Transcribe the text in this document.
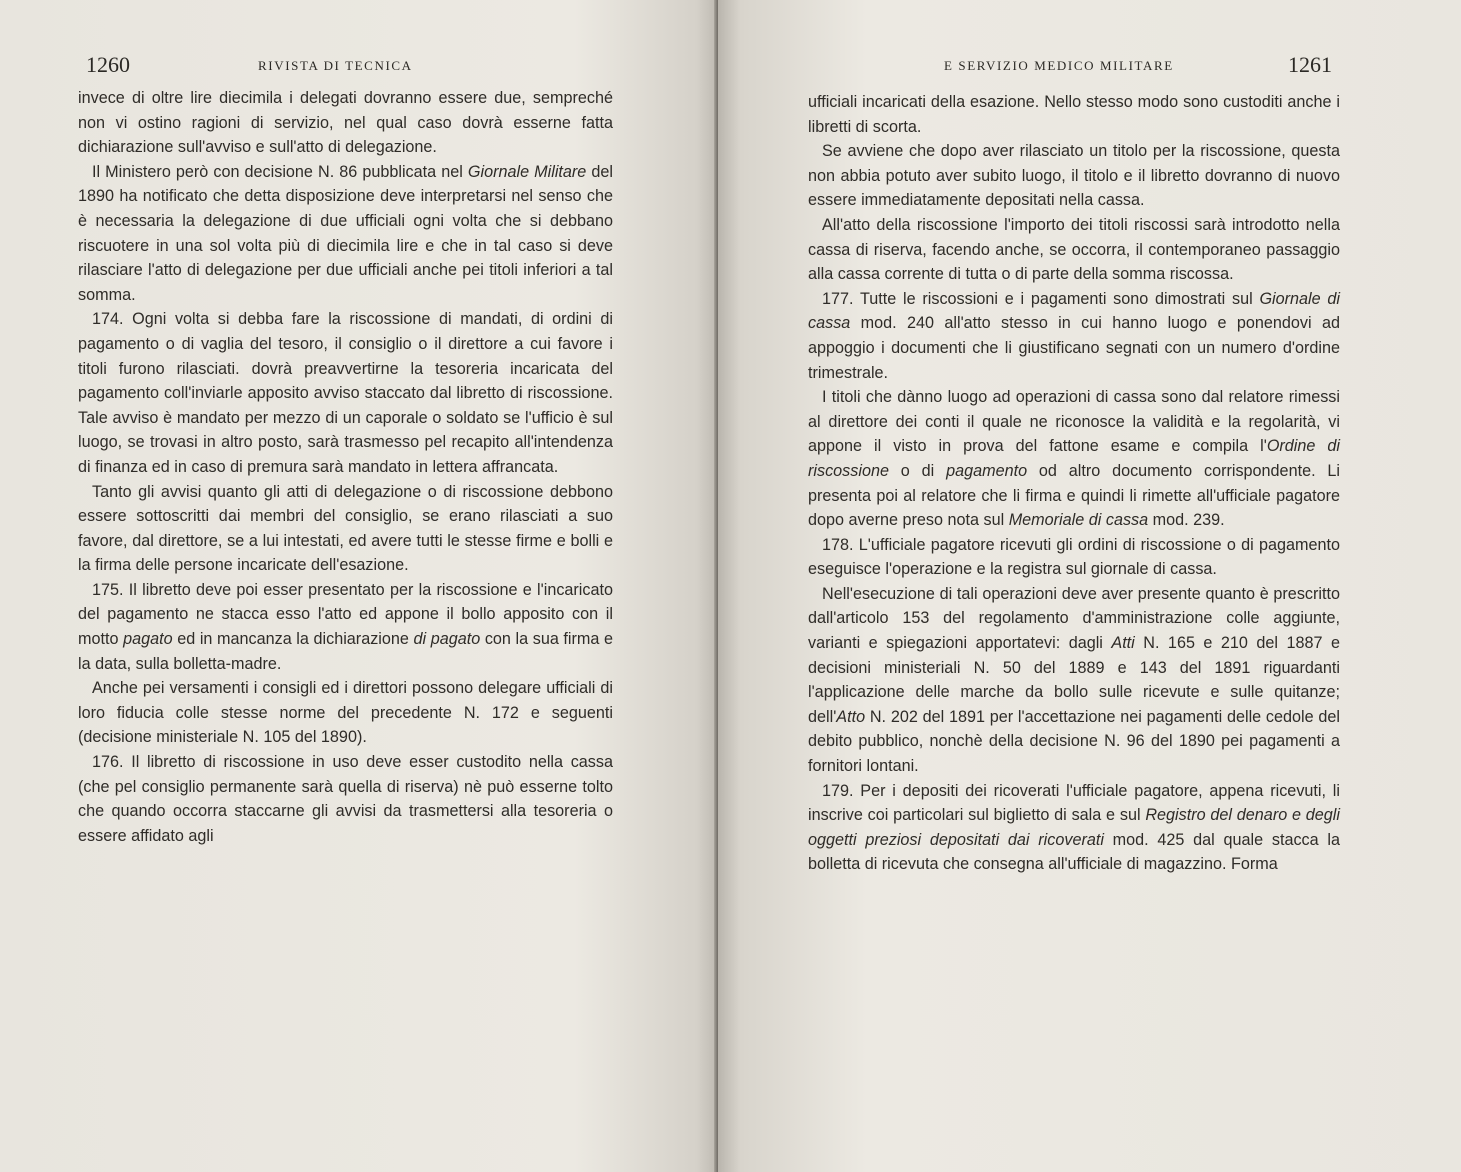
1260	RIVISTA DI TECNICA

invece di oltre lire diecimila i delegati dovranno essere due, sempreché non vi ostino ragioni di servizio, nel qual caso dovrà esserne fatta dichiarazione sull'avviso e sull'atto di delegazione.

Il Ministero però con decisione N. 86 pubblicata nel Giornale Militare del 1890 ha notificato che detta disposizione deve interpretarsi nel senso che è necessaria la delegazione di due ufficiali ogni volta che si debbano riscuotere in una sol volta più di diecimila lire e che in tal caso si deve rilasciare l'atto di delegazione per due ufficiali anche pei titoli inferiori a tal somma.

174. Ogni volta si debba fare la riscossione di mandati, di ordini di pagamento o di vaglia del tesoro, il consiglio o il direttore a cui favore i titoli furono rilasciati. dovrà preavvertirne la tesoreria incaricata del pagamento coll'inviarle apposito avviso staccato dal libretto di riscossione. Tale avviso è mandato per mezzo di un caporale o soldato se l'ufficio è sul luogo, se trovasi in altro posto, sarà trasmesso pel recapito all'intendenza di finanza ed in caso di premura sarà mandato in lettera affrancata.

Tanto gli avvisi quanto gli atti di delegazione o di riscossione debbono essere sottoscritti dai membri del consiglio, se erano rilasciati a suo favore, dal direttore, se a lui intestati, ed avere tutti le stesse firme e bolli e la firma delle persone incaricate dell'esazione.

175. Il libretto deve poi esser presentato per la riscossione e l'incaricato del pagamento ne stacca esso l'atto ed appone il bollo apposito con il motto pagato ed in mancanza la dichiarazione di pagato con la sua firma e la data, sulla bolletta-madre.

Anche pei versamenti i consigli ed i direttori possono delegare ufficiali di loro fiducia colle stesse norme del precedente N. 172 e seguenti (decisione ministeriale N. 105 del 1890).

176. Il libretto di riscossione in uso deve esser custodito nella cassa (che pel consiglio permanente sarà quella di riserva) nè può esserne tolto che quando occorra staccarne gli avvisi da trasmettersi alla tesoreria o essere affidato agli

E SERVIZIO MEDICO MILITARE	1261

ufficiali incaricati della esazione. Nello stesso modo sono custoditi anche i libretti di scorta.

Se avviene che dopo aver rilasciato un titolo per la riscossione, questa non abbia potuto aver subito luogo, il titolo e il libretto dovranno di nuovo essere immediatamente depositati nella cassa.

All'atto della riscossione l'importo dei titoli riscossi sarà introdotto nella cassa di riserva, facendo anche, se occorra, il contemporaneo passaggio alla cassa corrente di tutta o di parte della somma riscossa.

177. Tutte le riscossioni e i pagamenti sono dimostrati sul Giornale di cassa mod. 240 all'atto stesso in cui hanno luogo e ponendovi ad appoggio i documenti che li giustificano segnati con un numero d'ordine trimestrale.

I titoli che dànno luogo ad operazioni di cassa sono dal relatore rimessi al direttore dei conti il quale ne riconosce la validità e la regolarità, vi appone il visto in prova del fattone esame e compila l'Ordine di riscossione o di pagamento od altro documento corrispondente. Li presenta poi al relatore che li firma e quindi li rimette all'ufficiale pagatore dopo averne preso nota sul Memoriale di cassa mod. 239.

178. L'ufficiale pagatore ricevuti gli ordini di riscossione o di pagamento eseguisce l'operazione e la registra sul giornale di cassa.

Nell'esecuzione di tali operazioni deve aver presente quanto è prescritto dall'articolo 153 del regolamento d'amministrazione colle aggiunte, varianti e spiegazioni apportatevi: dagli Atti N. 165 e 210 del 1887 e decisioni ministeriali N. 50 del 1889 e 143 del 1891 riguardanti l'applicazione delle marche da bollo sulle ricevute e sulle quitanze; dell'Atto N. 202 del 1891 per l'accettazione nei pagamenti delle cedole del debito pubblico, nonchè della decisione N. 96 del 1890 pei pagamenti a fornitori lontani.

179. Per i depositi dei ricoverati l'ufficiale pagatore, appena ricevuti, li inscrive coi particolari sul biglietto di sala e sul Registro del denaro e degli oggetti preziosi depositati dai ricoverati mod. 425 dal quale stacca la bolletta di ricevuta che consegna all'ufficiale di magazzino. Forma
